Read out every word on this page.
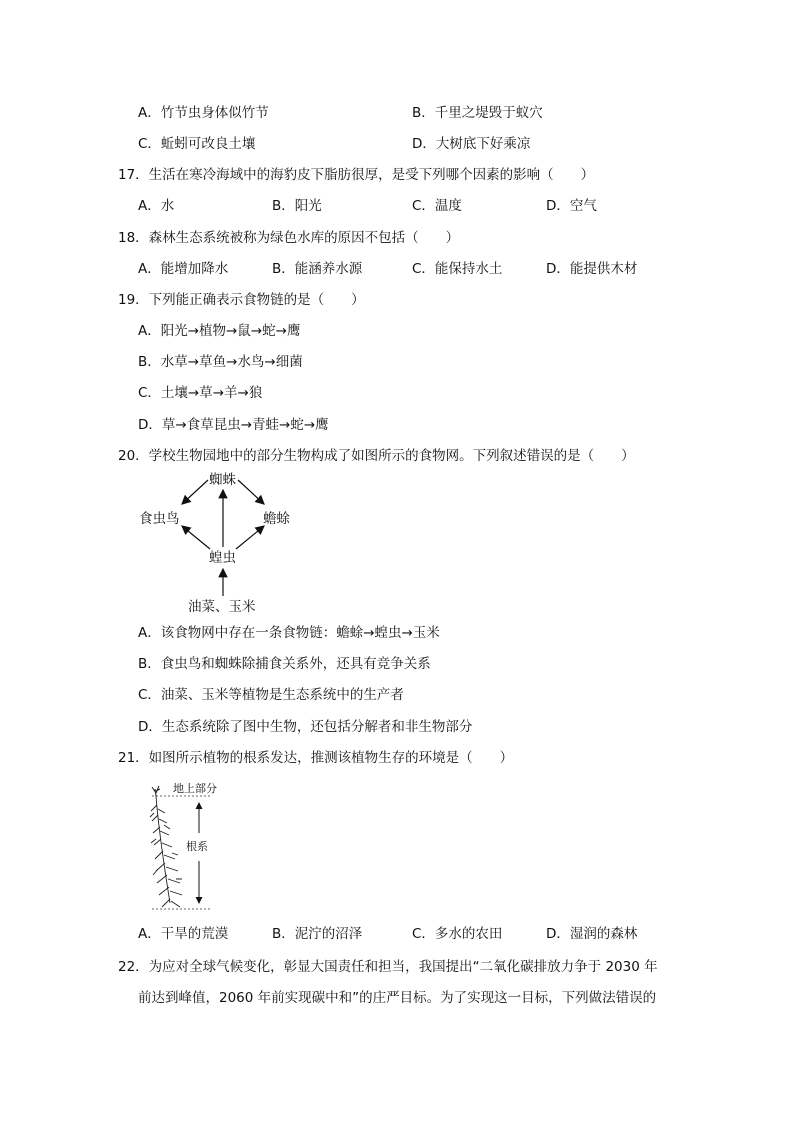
A．竹节虫身体似竹节	B．千里之堤毁于蚁穴
C．蚯蚓可改良土壤	D．大树底下好乘凉
17．生活在寒冷海域中的海豹皮下脂肪很厚，是受下列哪个因素的影响（　　）
A．水	B．阳光	C．温度	D．空气
18．森林生态系统被称为绿色水库的原因不包括（　　）
A．能增加降水	B．能涵养水源	C．能保持水土	D．能提供木材
19．下列能正确表示食物链的是（　　）
A．阳光→植物→鼠→蛇→鹰
B．水草→草鱼→水鸟→细菌
C．土壤→草→羊→狼
D．草→食草昆虫→青蛙→蛇→鹰
20．学校生物园地中的部分生物构成了如图所示的食物网。下列叙述错误的是（　　）
蜘蛛
食虫鸟	蟾蜍
蝗虫
油菜、玉米
A．该食物网中存在一条食物链：蟾蜍→蝗虫→玉米
B．食虫鸟和蜘蛛除捕食关系外，还具有竞争关系
C．油菜、玉米等植物是生态系统中的生产者
D．生态系统除了图中生物，还包括分解者和非生物部分
21．如图所示植物的根系发达，推测该植物生存的环境是（　　）
地上部分
根系
A．干旱的荒漠	B．泥泞的沼泽	C．多水的农田	D．湿润的森林
22．为应对全球气候变化，彰显大国责任和担当，我国提出“二氧化碳排放力争于 2030 年
前达到峰值，2060 年前实现碳中和”的庄严目标。为了实现这一目标，下列做法错误的
